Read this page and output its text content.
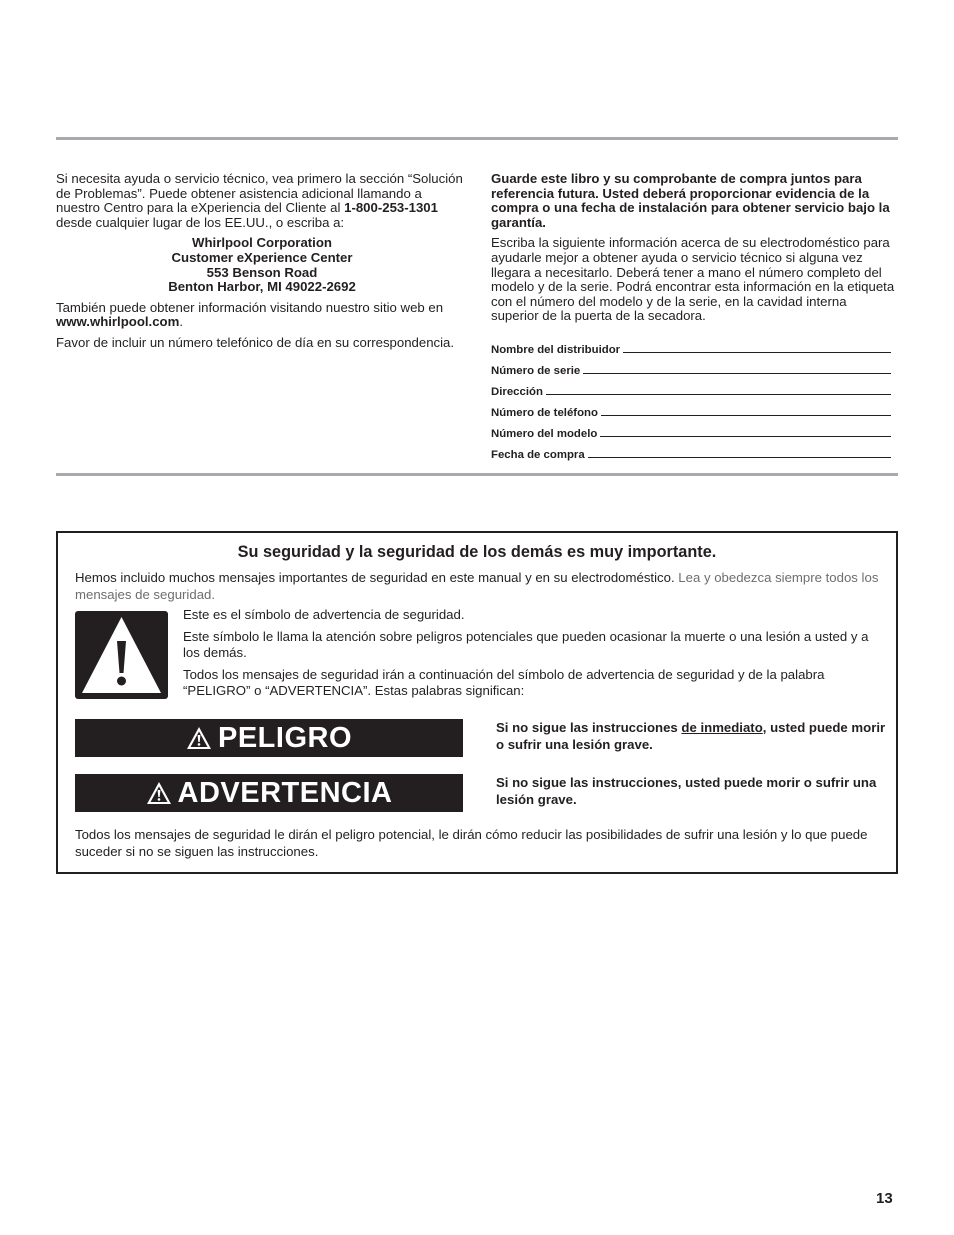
Si necesita ayuda o servicio técnico, vea primero la sección “Solución de Problemas”. Puede obtener asistencia adicional llamando a nuestro Centro para la eXperiencia del Cliente al 1-800-253-1301 desde cualquier lugar de los EE.UU., o escriba a:

Whirlpool Corporation
Customer eXperience Center
553 Benson Road
Benton Harbor, MI 49022-2692

También puede obtener información visitando nuestro sitio web en www.whirlpool.com.

Favor de incluir un número telefónico de día en su correspondencia.

Guarde este libro y su comprobante de compra juntos para referencia futura. Usted deberá proporcionar evidencia de la compra o una fecha de instalación para obtener servicio bajo la garantía.

Escriba la siguiente información acerca de su electrodoméstico para ayudarle mejor a obtener ayuda o servicio técnico si alguna vez llegara a necesitarlo. Deberá tener a mano el número completo del modelo y de la serie. Podrá encontrar esta información en la etiqueta con el número del modelo y de la serie, en la cavidad interna superior de la puerta de la secadora.

Nombre del distribuidor
Número de serie
Dirección
Número de teléfono
Número del modelo
Fecha de compra
Su seguridad y la seguridad de los demás es muy importante.
Hemos incluido muchos mensajes importantes de seguridad en este manual y en su electrodoméstico. Lea y obedezca siempre todos los mensajes de seguridad.

Este es el símbolo de advertencia de seguridad.

Este símbolo le llama la atención sobre peligros potenciales que pueden ocasionar la muerte o una lesión a usted y a los demás.

Todos los mensajes de seguridad irán a continuación del símbolo de advertencia de seguridad y de la palabra “PELIGRO” o “ADVERTENCIA”. Estas palabras significan:

PELIGRO	Si no sigue las instrucciones de inmediato, usted puede morir o sufrir una lesión grave.
ADVERTENCIA	Si no sigue las instrucciones, usted puede morir o sufrir una lesión grave.
Todos los mensajes de seguridad le dirán el peligro potencial, le dirán cómo reducir las posibilidades de sufrir una lesión y lo que puede suceder si no se siguen las instrucciones.
13
